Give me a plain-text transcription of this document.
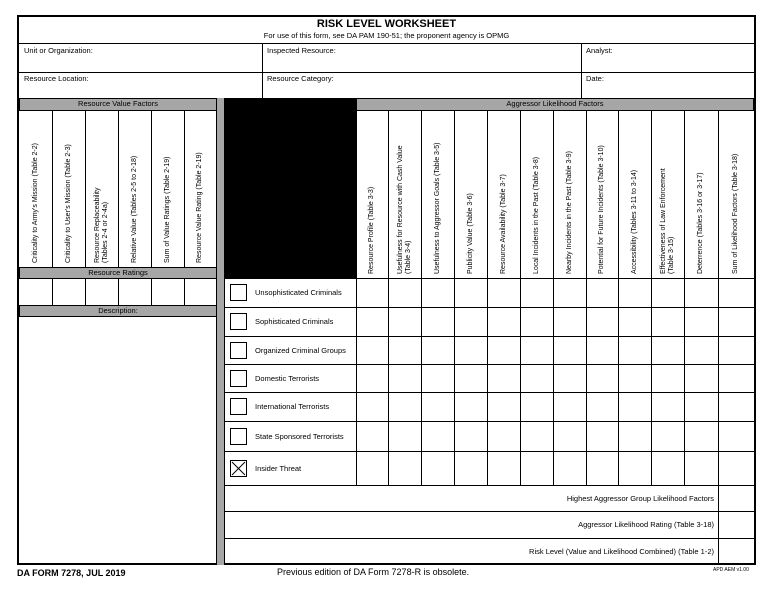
RISK LEVEL WORKSHEET
For use of this form, see DA PAM 190-51; the proponent agency is OPMG
Unit or Organization:	Inspected Resource:	Analyst:
Resource Location:	Resource Category:	Date:
Resource Value Factors
Criticality to Army's Mission (Table 2-2)	Criticality to User's Mission (Table 2-3)	Resource Replaceability (Tables 2-4 or 2-4a)	Relative Value (Tables 2-5 to 2-18)	Sum of Value Ratings (Table 2-19)	Resource Value Rating (Table 2-19)
Resource Ratings
Description:
Aggressor Likelihood Factors
Resource Profile (Table 3-3)	Usefulness for Resource with Cash Value (Table 3-4)	Usefulness to Aggressor Goals (Table 3-5)	Publicity Value (Table 3-6)	Resource Availability (Table 3-7)	Local Incidents in the Past (Table 3-8)	Nearby Incidents in the Past (Table 3-9)	Potential for Future Incidents (Table 3-10)	Accessibility (Tables 3-11 to 3-14)	Effectiveness of Law Enforcement (Table 3-15)	Deterrence (Tables 3-16 or 3-17)	Sum of Likelihood Factors (Table 3-18)
Unsophisticated Criminals
Sophisticated Criminals
Organized Criminal Groups
Domestic Terrorists
International Terrorists
State Sponsored Terrorists
Insider Threat
Highest Aggressor Group Likelihood Factors
Aggressor Likelihood Rating (Table 3-18)
Risk Level (Value and Likelihood Combined) (Table 1-2)
DA FORM 7278, JUL 2019	Previous edition of DA Form 7278-R is obsolete.	APD AEM v1.00
